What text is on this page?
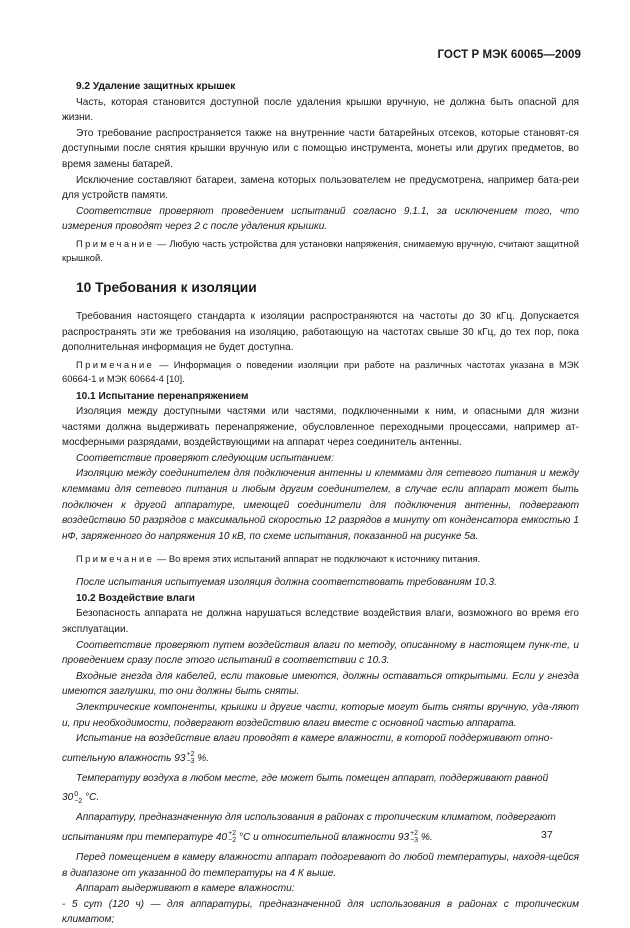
ГОСТ Р МЭК 60065—2009

9.2 Удаление защитных крышек

Часть, которая становится доступной после удаления крышки вручную, не должна быть опасной для жизни.

Это требование распространяется также на внутренние части батарейных отсеков, которые становят-ся доступными после снятия крышки вручную или с помощью инструмента, монеты или других предметов, во время замены батарей.

Исключение составляют батареи, замена которых пользователем не предусмотрена, например бата-реи для устройств памяти.

Соответствие проверяют проведением испытаний согласно 9.1.1, за исключением того, что измерения проводят через 2 с после удаления крышки.

Примечание — Любую часть устройства для установки напряжения, снимаемую вручную, считают защитной крышкой.

10 Требования к изоляции

Требования настоящего стандарта к изоляции распространяются на частоты до 30 кГц. Допускается распространять эти же требования на изоляцию, работающую на частотах свыше 30 кГц, до тех пор, пока дополнительная информация не будет доступна.

Примечание — Информация о поведении изоляции при работе на различных частотах указана в МЭК 60664-1 и МЭК 60664-4 [10].

10.1 Испытание перенапряжением

Изоляция между доступными частями или частями, подключенными к ним, и опасными для жизни частями должна выдерживать перенапряжение, обусловленное переходными процессами, например ат-мосферными разрядами, воздействующими на аппарат через соединитель антенны.

Соответствие проверяют следующим испытанием:

Изоляцию между соединителем для подключения антенны и клеммами для сетевого питания и между клеммами для сетевого питания и любым другим соединителем, в случае если аппарат может быть подключен к другой аппаратуре, имеющей соединители для подключения антенны, подвергают воздействию 50 разрядов с максимальной скоростью 12 разрядов в минуту от конденсатора емкостью 1 нФ, заряженного до напряжения 10 кВ, по схеме испытания, показанной на рисунке 5а.

Примечание — Во время этих испытаний аппарат не подключают к источнику питания.

После испытания испытуемая изоляция должна соответствовать требованиям 10.3.

10.2 Воздействие влаги

Безопасность аппарата не должна нарушаться вследствие воздействия влаги, возможного во время его эксплуатации.

Соответствие проверяют путем воздействия влаги по методу, описанному в настоящем пунк-те, и проведением сразу после этого испытаний в соответствии с 10.3.

Входные гнезда для кабелей, если таковые имеются, должны оставаться открытыми. Если у гнезда имеются заглушки, то они должны быть сняты.

Электрические компоненты, крышки и другие части, которые могут быть сняты вручную, уда-ляют и, при необходимости, подвергают воздействию влаги вместе с основной частью аппарата.

Испытание на воздействие влаги проводят в камере влажности, в которой поддерживают отно-

сительную влажность 93 +2
−3 %.

Температуру воздуха в любом месте, где может быть помещен аппарат, поддерживают равной

30 0
−2 °С.

Аппаратуру, предназначенную для использования в районах с тропическим климатом, подвергают

испытаниям при температуре 40 +2
−2 °С и относительной влажности 93 +2
−3 %.

Перед помещением в камеру влажности аппарат подогревают до любой температуры, находя-щейся в диапазоне от указанной до температуры на 4 К выше.

Аппарат выдерживают в камере влажности:

- 5 сут (120 ч) — для аппаратуры, предназначенной для использования в районах с тропическим климатом;

37
